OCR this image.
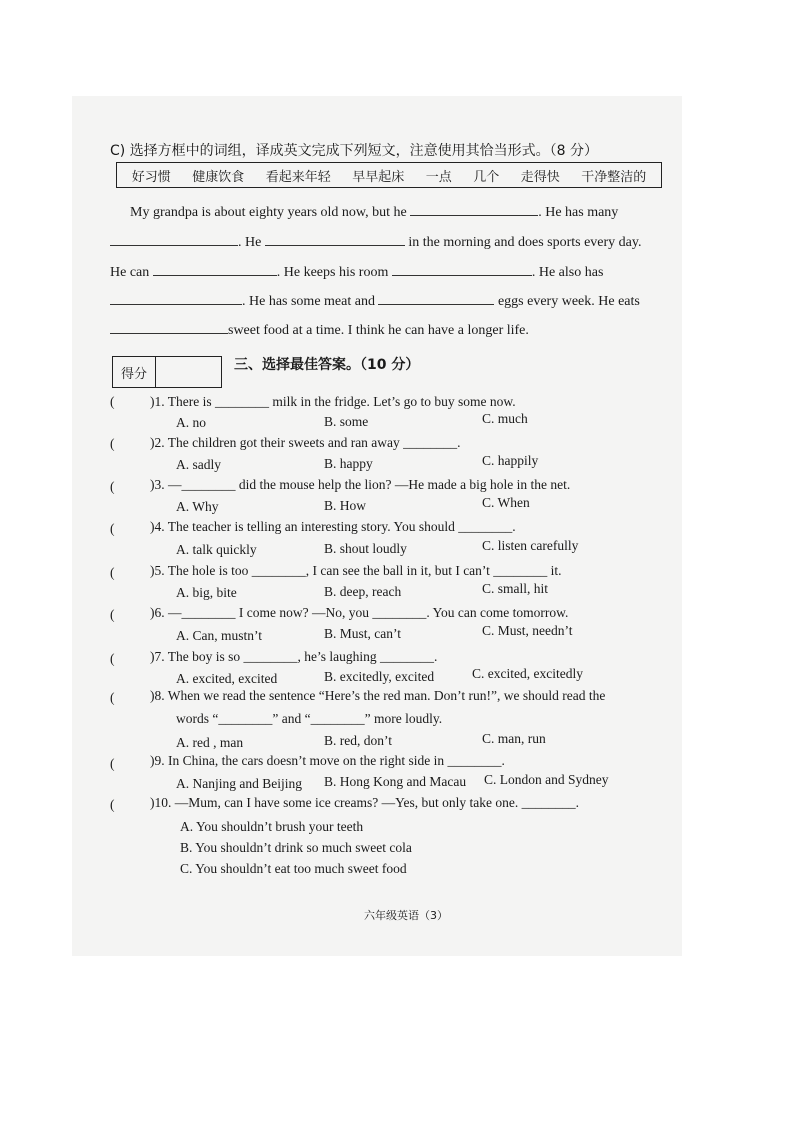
C) 选择方框中的词组，译成英文完成下列短文，注意使用其恰当形式。（8 分）
好习惯 健康饮食 看起来年轻 早早起床 一点 几个 走得快 干净整洁的
My grandpa is about eighty years old now, but he	. He has many
. He	in the morning and does sports every day.
He can	. He keeps his room	. He also has
. He has some meat and	eggs every week. He eats
sweet food at a time. I think he can have a longer life.
得分
三、选择最佳答案。（10 分）
(	)1. There is ________ milk in the fridge. Let’s go to buy some now.
A. no	B. some	C. much
(	)2. The children got their sweets and ran away ________.
A. sadly	B. happy	C. happily
(	)3. —________ did the mouse help the lion? —He made a big hole in the net.
A. Why	B. How	C. When
(	)4. The teacher is telling an interesting story. You should ________.
A. talk quickly	B. shout loudly	C. listen carefully
(	)5. The hole is too ________, I can see the ball in it, but I can’t ________ it.
A. big, bite	B. deep, reach	C. small, hit
(	)6. —________ I come now? —No, you ________. You can come tomorrow.
A. Can, mustn’t	B. Must, can’t	C. Must, needn’t
(	)7. The boy is so ________, he’s laughing ________.
A. excited, excited	B. excitedly, excited	C. excited, excitedly
(	)8. When we read the sentence “Here’s the red man. Don’t run!”, we should read the
words “________” and “________” more loudly.
A. red , man	B. red, don’t	C. man, run
(	)9. In China, the cars doesn’t move on the right side in ________.
A. Nanjing and Beijing B. Hong Kong and Macau C. London and Sydney
(	)10. —Mum, can I have some ice creams? —Yes, but only take one. ________.
A. You shouldn’t brush your teeth
B. You shouldn’t drink so much sweet cola
C. You shouldn’t eat too much sweet food
六年级英语（3）
